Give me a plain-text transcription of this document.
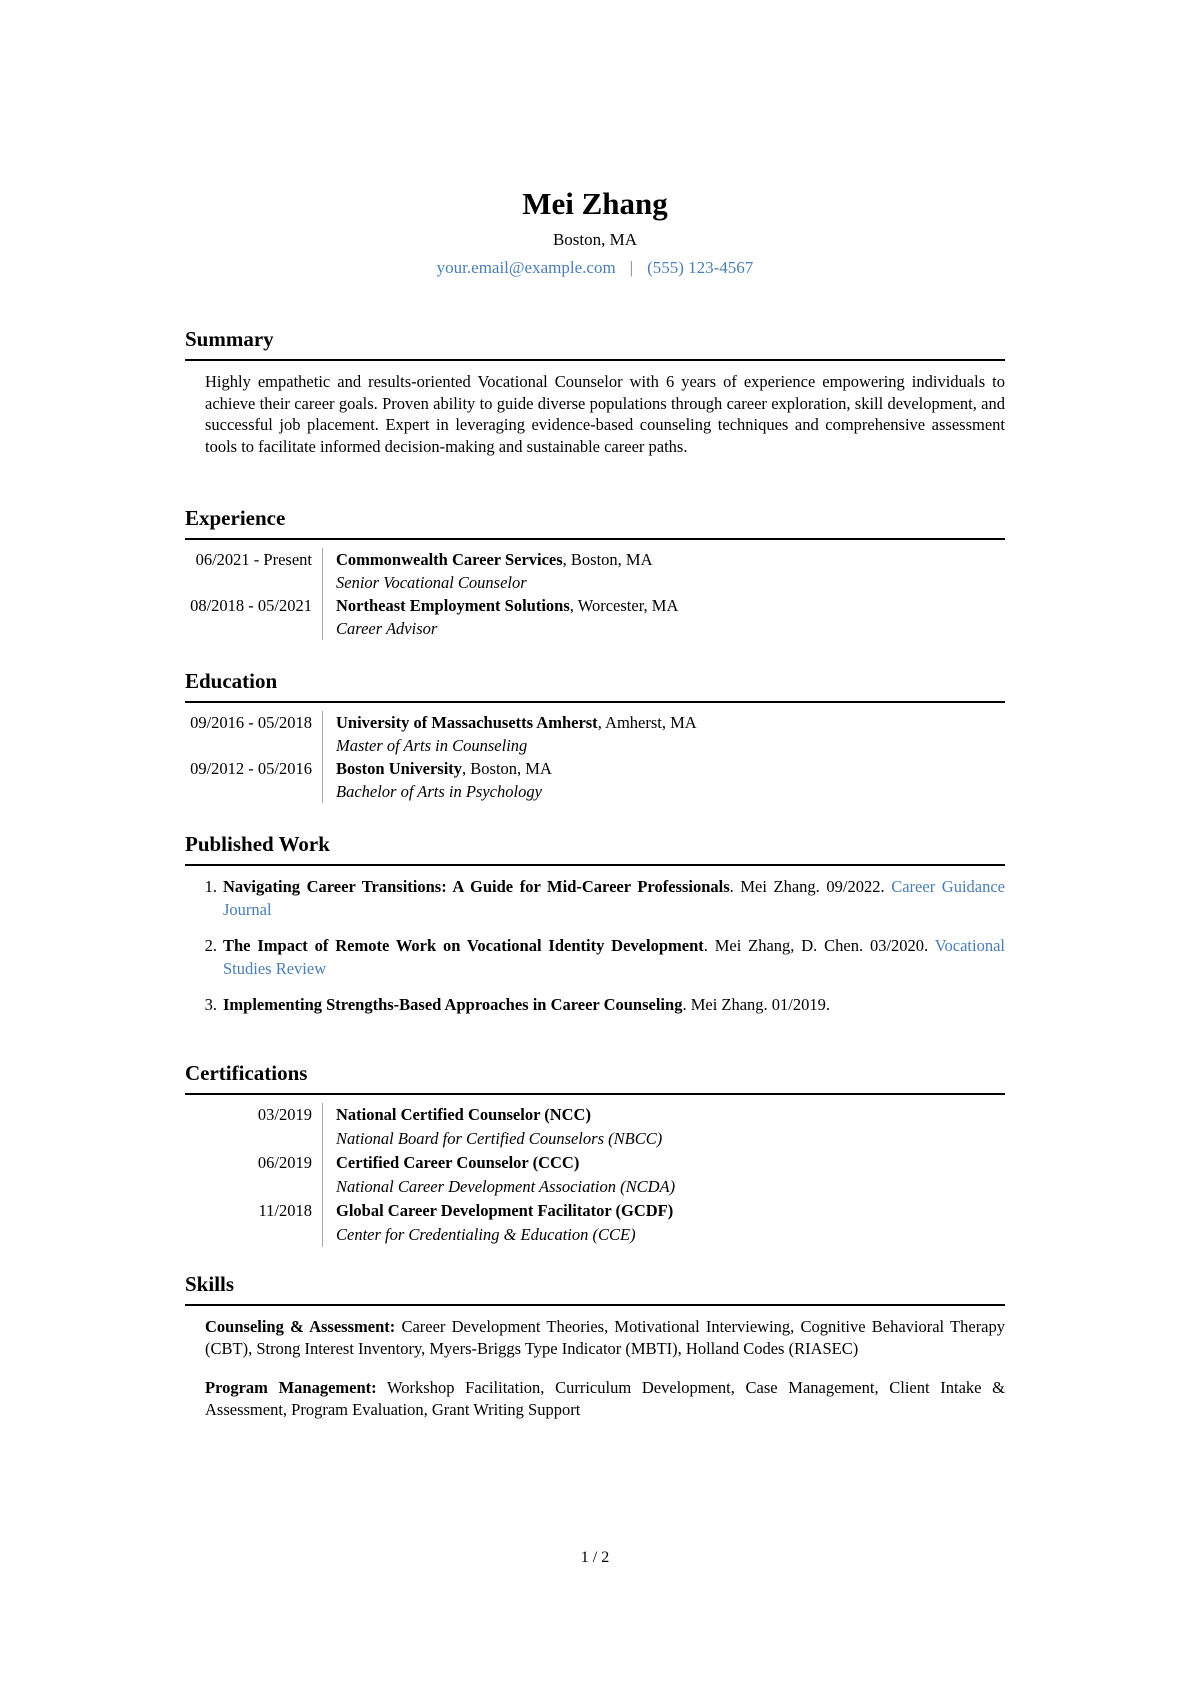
Mei Zhang
Boston, MA
your.email@example.com | (555) 123-4567
Summary
Highly empathetic and results-oriented Vocational Counselor with 6 years of experience empowering individuals to achieve their career goals. Proven ability to guide diverse populations through career exploration, skill development, and successful job placement. Expert in leveraging evidence-based counseling techniques and comprehensive assessment tools to facilitate informed decision-making and sustainable career paths.
Experience
06/2021 - Present Commonwealth Career Services, Boston, MA
Senior Vocational Counselor
08/2018 - 05/2021 Northeast Employment Solutions, Worcester, MA
Career Advisor
Education
09/2016 - 05/2018 University of Massachusetts Amherst, Amherst, MA
Master of Arts in Counseling
09/2012 - 05/2016 Boston University, Boston, MA
Bachelor of Arts in Psychology
Published Work
1. Navigating Career Transitions: A Guide for Mid-Career Professionals. Mei Zhang. 09/2022. Career Guidance Journal
2. The Impact of Remote Work on Vocational Identity Development. Mei Zhang, D. Chen. 03/2020. Vocational Studies Review
3. Implementing Strengths-Based Approaches in Career Counseling. Mei Zhang. 01/2019.
Certifications
03/2019 National Certified Counselor (NCC)
National Board for Certified Counselors (NBCC)
06/2019 Certified Career Counselor (CCC)
National Career Development Association (NCDA)
11/2018 Global Career Development Facilitator (GCDF)
Center for Credentialing & Education (CCE)
Skills
Counseling & Assessment: Career Development Theories, Motivational Interviewing, Cognitive Behavioral Therapy (CBT), Strong Interest Inventory, Myers-Briggs Type Indicator (MBTI), Holland Codes (RIASEC)
Program Management: Workshop Facilitation, Curriculum Development, Case Management, Client Intake & Assessment, Program Evaluation, Grant Writing Support
1 / 2
